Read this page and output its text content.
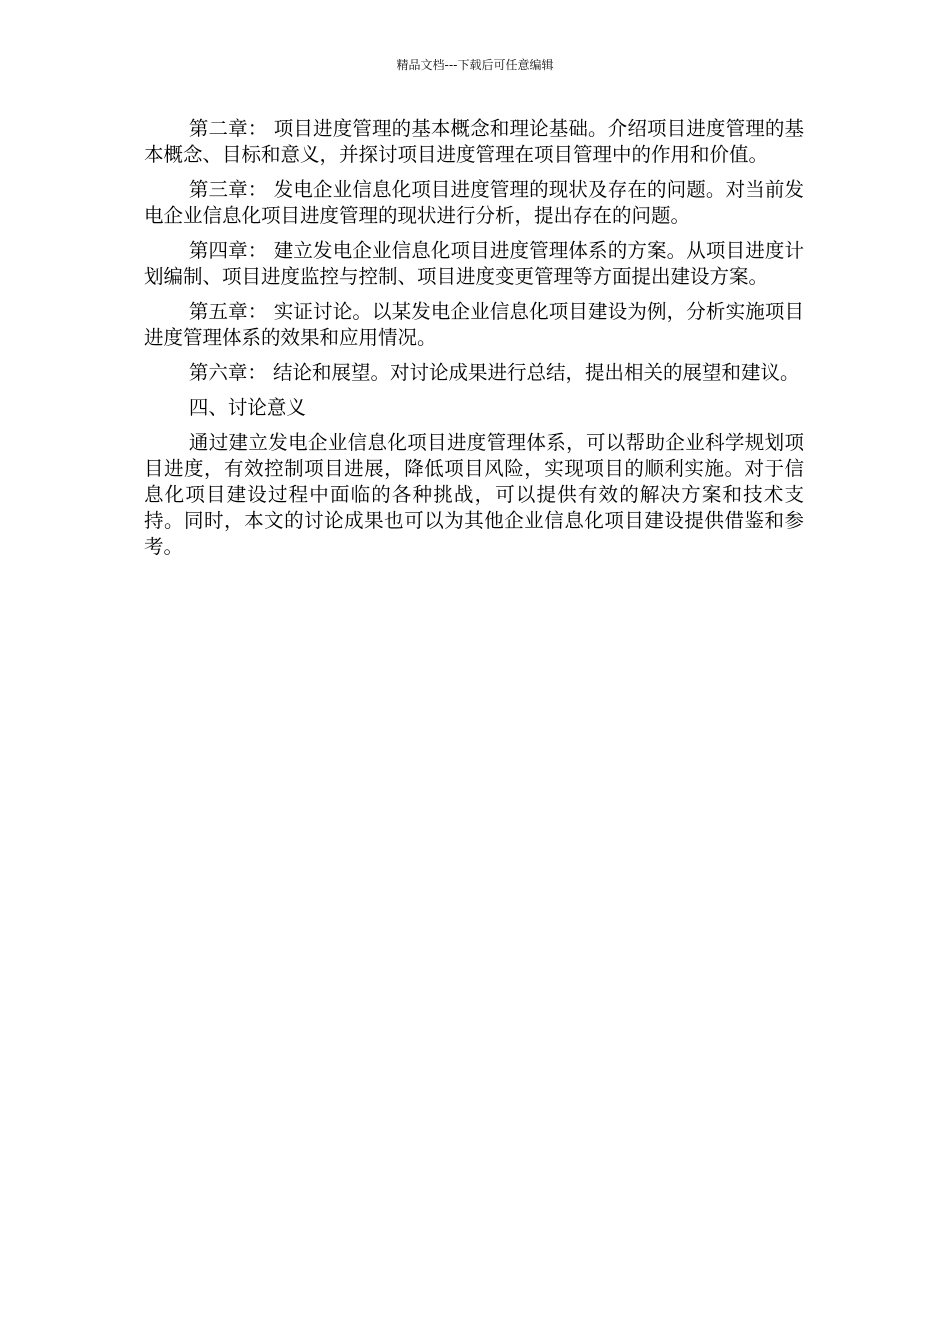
精品文档---下载后可任意编辑

第二章： 项目进度管理的基本概念和理论基础。介绍项目进度管理的基本概念、目标和意义，并探讨项目进度管理在项目管理中的作用和价值。

第三章： 发电企业信息化项目进度管理的现状及存在的问题。对当前发电企业信息化项目进度管理的现状进行分析，提出存在的问题。

第四章： 建立发电企业信息化项目进度管理体系的方案。从项目进度计划编制、项目进度监控与控制、项目进度变更管理等方面提出建设方案。

第五章： 实证讨论。以某发电企业信息化项目建设为例，分析实施项目进度管理体系的效果和应用情况。

第六章： 结论和展望。对讨论成果进行总结，提出相关的展望和建议。

四、讨论意义

通过建立发电企业信息化项目进度管理体系，可以帮助企业科学规划项目进度，有效控制项目进展，降低项目风险，实现项目的顺利实施。对于信息化项目建设过程中面临的各种挑战，可以提供有效的解决方案和技术支持。同时，本文的讨论成果也可以为其他企业信息化项目建设提供借鉴和参考。
